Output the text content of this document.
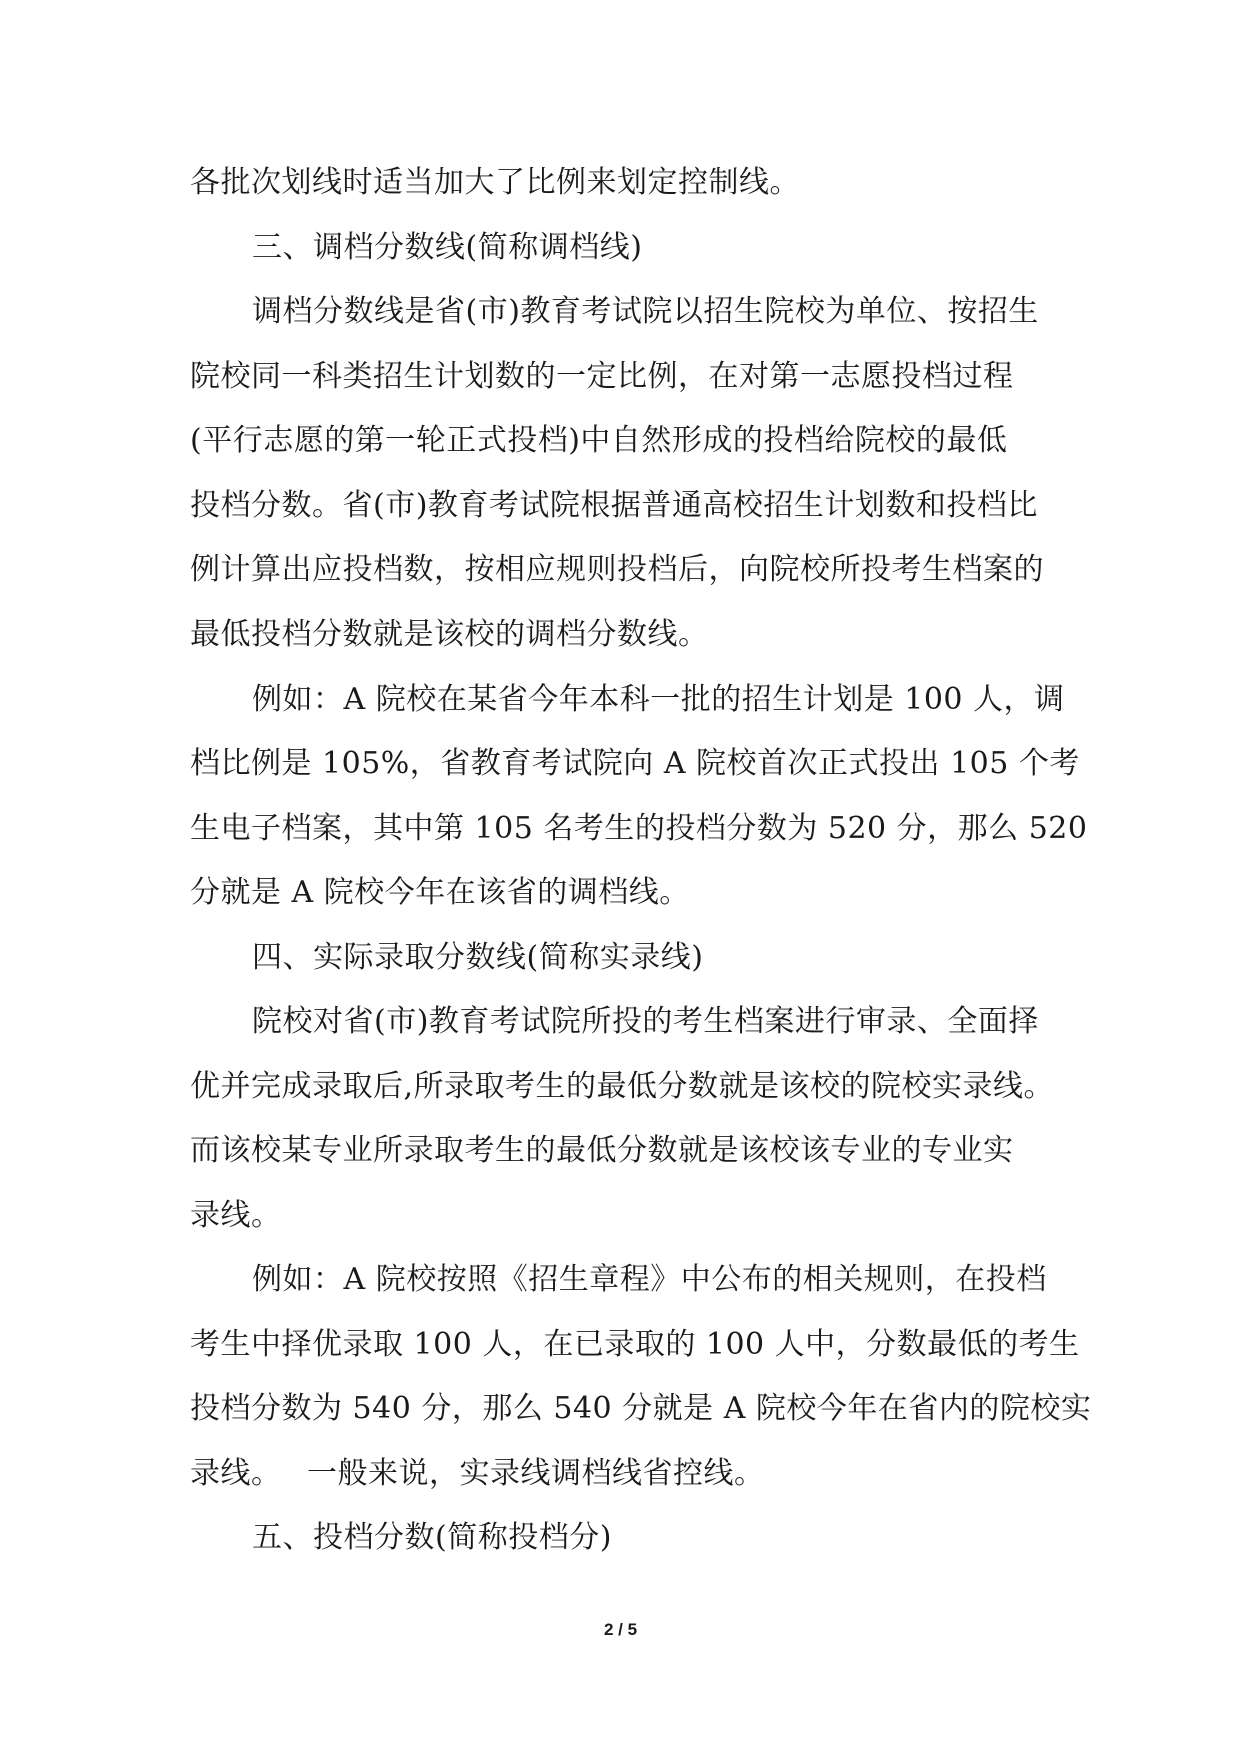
各批次划线时适当加大了比例来划定控制线。
三、调档分数线(简称调档线)
调档分数线是省(市)教育考试院以招生院校为单位、按招生
院校同一科类招生计划数的一定比例，在对第一志愿投档过程
(平行志愿的第一轮正式投档)中自然形成的投档给院校的最低
投档分数。省(市)教育考试院根据普通高校招生计划数和投档比
例计算出应投档数，按相应规则投档后，向院校所投考生档案的
最低投档分数就是该校的调档分数线。
例如：A 院校在某省今年本科一批的招生计划是 100 人，调
档比例是 105%，省教育考试院向 A 院校首次正式投出 105 个考
生电子档案，其中第 105 名考生的投档分数为 520 分，那么 520
分就是 A 院校今年在该省的调档线。
四、实际录取分数线(简称实录线)
院校对省(市)教育考试院所投的考生档案进行审录、全面择
优并完成录取后,所录取考生的最低分数就是该校的院校实录线。
而该校某专业所录取考生的最低分数就是该校该专业的专业实
录线。
例如：A 院校按照《招生章程》中公布的相关规则，在投档
考生中择优录取 100 人，在已录取的 100 人中，分数最低的考生
投档分数为 540 分，那么 540 分就是 A 院校今年在省内的院校实
录线。　 一般来说，实录线调档线省控线。
五、投档分数(简称投档分)
2 / 5
